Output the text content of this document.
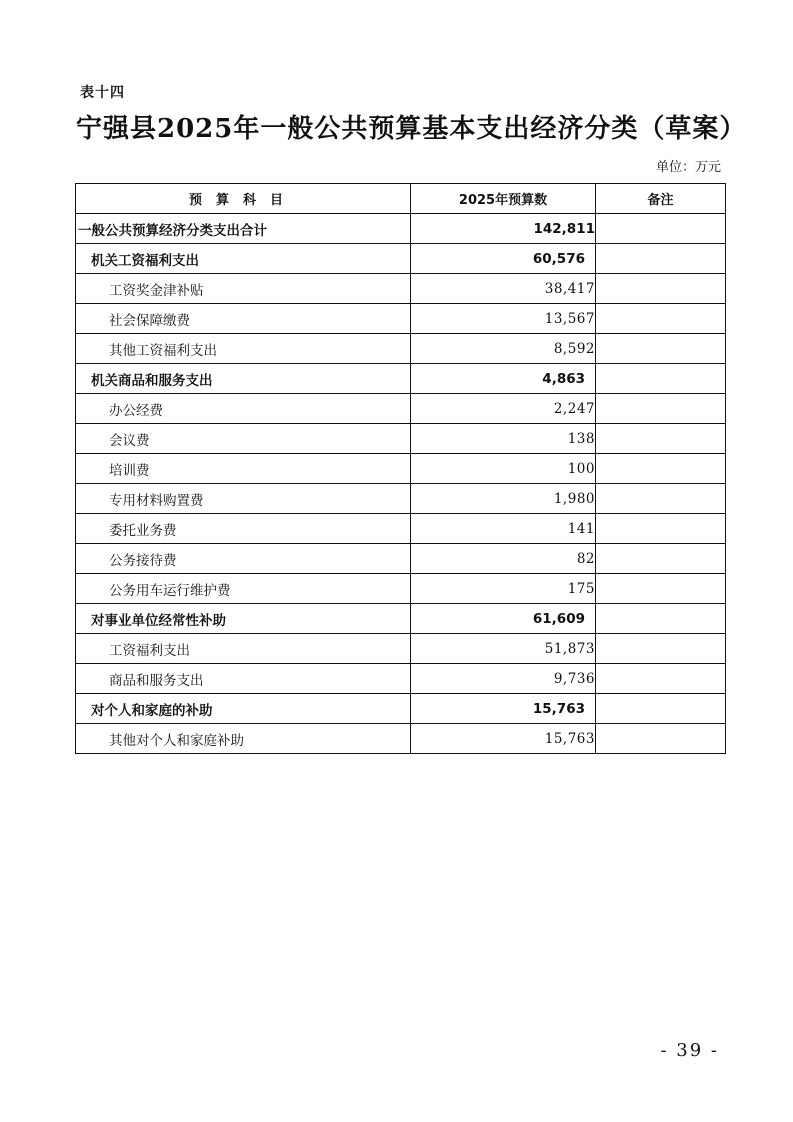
表十四
宁强县2025年一般公共预算基本支出经济分类（草案）
单位：万元
预算科目	2025年预算数	备注
一般公共预算经济分类支出合计	142,811	
机关工资福利支出	60,576	
工资奖金津补贴	38,417	
社会保障缴费	13,567	
其他工资福利支出	8,592	
机关商品和服务支出	4,863	
办公经费	2,247	
会议费	138	
培训费	100	
专用材料购置费	1,980	
委托业务费	141	
公务接待费	82	
公务用车运行维护费	175	
对事业单位经常性补助	61,609	
工资福利支出	51,873	
商品和服务支出	9,736	
对个人和家庭的补助	15,763	
其他对个人和家庭补助	15,763	
- 39 -
